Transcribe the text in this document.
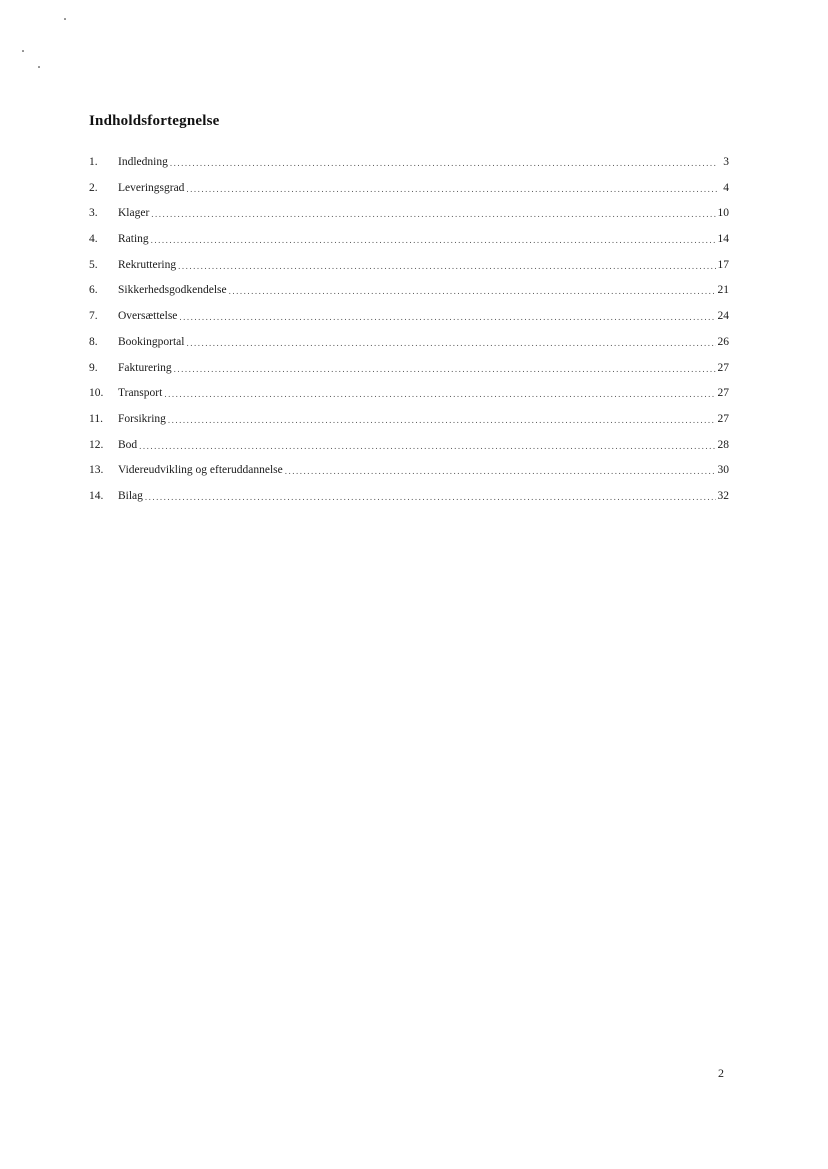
Indholdsfortegnelse
1.	Indledning .....	3
2.	Leveringsgrad .....	4
3.	Klager .....	10
4.	Rating .....	14
5.	Rekruttering .....	17
6.	Sikkerhedsgodkendelse .....	21
7.	Oversættelse .....	24
8.	Bookingportal .....	26
9.	Fakturering .....	27
10.	Transport .....	27
11.	Forsikring .....	27
12.	Bod .....	28
13.	Videreudvikling og efteruddannelse .....	30
14.	Bilag .....	32
2
